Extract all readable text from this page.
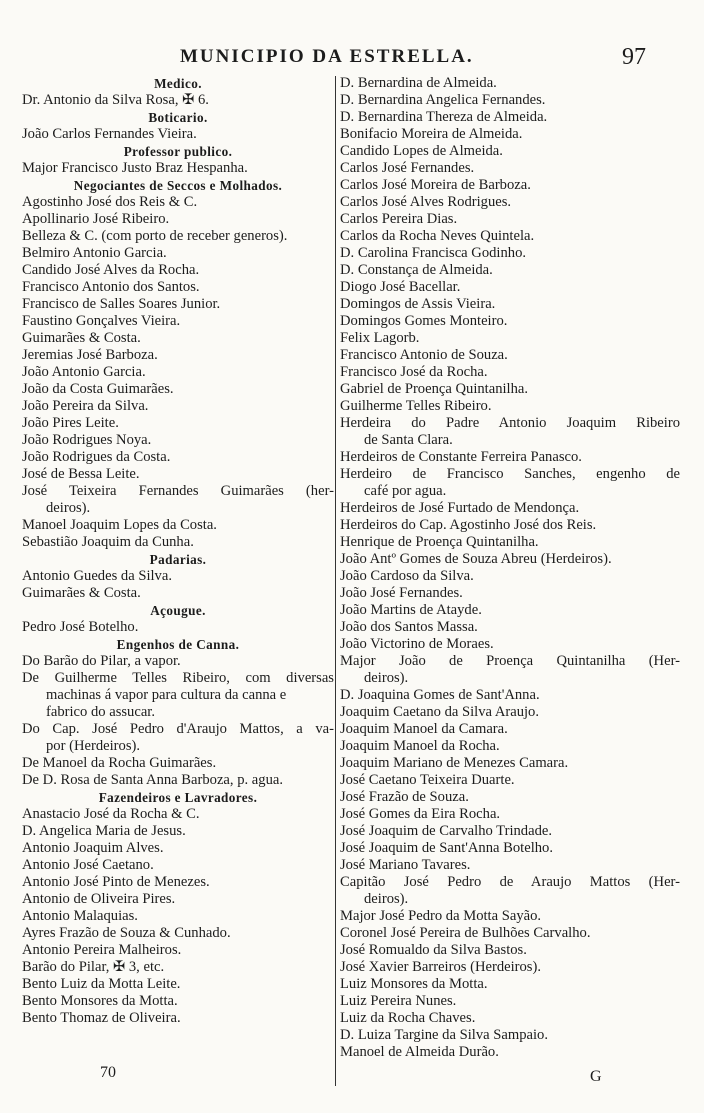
MUNICIPIO DA ESTRELLA.	97
Medico.
Dr. Antonio da Silva Rosa, ✠ 6.
Boticario.
João Carlos Fernandes Vieira.
Professor publico.
Major Francisco Justo Braz Hespanha.
Negociantes de Seccos e Molhados.
Agostinho José dos Reis & C.
Apollinario José Ribeiro.
Belleza & C. (com porto de receber generos).
Belmiro Antonio Garcia.
Candido José Alves da Rocha.
Francisco Antonio dos Santos.
Francisco de Salles Soares Junior.
Faustino Gonçalves Vieira.
Guimarães & Costa.
Jeremias José Barboza.
João Antonio Garcia.
João da Costa Guimarães.
João Pereira da Silva.
João Pires Leite.
João Rodrigues Noya.
João Rodrigues da Costa.
José de Bessa Leite.
José Teixeira Fernandes Guimarães (her-
deiros).
Manoel Joaquim Lopes da Costa.
Sebastião Joaquim da Cunha.
Padarias.
Antonio Guedes da Silva.
Guimarães & Costa.
Açougue.
Pedro José Botelho.
Engenhos de Canna.
Do Barão do Pilar, a vapor.
De Guilherme Telles Ribeiro, com diversas
machinas á vapor para cultura da canna e
fabrico do assucar.
Do Cap. José Pedro d'Araujo Mattos, a va-
por (Herdeiros).
De Manoel da Rocha Guimarães.
De D. Rosa de Santa Anna Barboza, p. agua.
Fazendeiros e Lavradores.
Anastacio José da Rocha & C.
D. Angelica Maria de Jesus.
Antonio Joaquim Alves.
Antonio José Caetano.
Antonio José Pinto de Menezes.
Antonio de Oliveira Pires.
Antonio Malaquias.
Ayres Frazão de Souza & Cunhado.
Antonio Pereira Malheiros.
Barão do Pilar, ✠ 3, etc.
Bento Luiz da Motta Leite.
Bento Monsores da Motta.
Bento Thomaz de Oliveira.
D. Bernardina de Almeida.
D. Bernardina Angelica Fernandes.
D. Bernardina Thereza de Almeida.
Bonifacio Moreira de Almeida.
Candido Lopes de Almeida.
Carlos José Fernandes.
Carlos José Moreira de Barboza.
Carlos José Alves Rodrigues.
Carlos Pereira Dias.
Carlos da Rocha Neves Quintela.
D. Carolina Francisca Godinho.
D. Constança de Almeida.
Diogo José Bacellar.
Domingos de Assis Vieira.
Domingos Gomes Monteiro.
Felix Lagorb.
Francisco Antonio de Souza.
Francisco José da Rocha.
Gabriel de Proença Quintanilha.
Guilherme Telles Ribeiro.
Herdeira do Padre Antonio Joaquim Ribeiro
de Santa Clara.
Herdeiros de Constante Ferreira Panasco.
Herdeiro de Francisco Sanches, engenho de
café por agua.
Herdeiros de José Furtado de Mendonça.
Herdeiros do Cap. Agostinho José dos Reis.
Henrique de Proença Quintanilha.
João Antº Gomes de Souza Abreu (Herdeiros).
João Cardoso da Silva.
João José Fernandes.
João Martins de Atayde.
João dos Santos Massa.
João Victorino de Moraes.
Major João de Proença Quintanilha (Her-
deiros).
D. Joaquina Gomes de Sant'Anna.
Joaquim Caetano da Silva Araujo.
Joaquim Manoel da Camara.
Joaquim Manoel da Rocha.
Joaquim Mariano de Menezes Camara.
José Caetano Teixeira Duarte.
José Frazão de Souza.
José Gomes da Eira Rocha.
José Joaquim de Carvalho Trindade.
José Joaquim de Sant'Anna Botelho.
José Mariano Tavares.
Capitão José Pedro de Araujo Mattos (Her-
deiros).
Major José Pedro da Motta Sayão.
Coronel José Pereira de Bulhões Carvalho.
José Romualdo da Silva Bastos.
José Xavier Barreiros (Herdeiros).
Luiz Monsores da Motta.
Luiz Pereira Nunes.
Luiz da Rocha Chaves.
D. Luiza Targine da Silva Sampaio.
Manoel de Almeida Durão.
70	G
